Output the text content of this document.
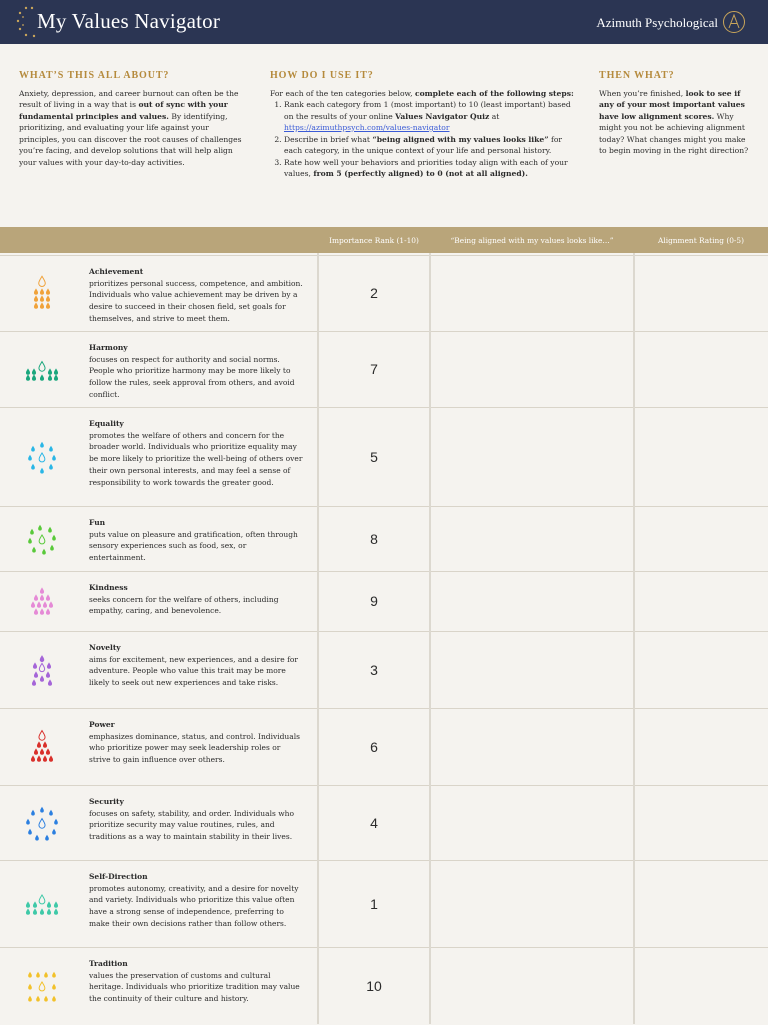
My Values Navigator	Azimuth Psychological
WHAT’S THIS ALL ABOUT?

Anxiety, depression, and career burnout can often be the result of living in a way that is out of sync with your fundamental principles and values. By identifying, prioritizing, and evaluating your life against your principles, you can discover the root causes of challenges you’re facing, and develop solutions that will help align your values with your day-to-day activities.

HOW DO I USE IT?

For each of the ten categories below, complete each of the following steps:

1. Rank each category from 1 (most important) to 10 (least important) based on the results of your online Values Navigator Quiz at
https://azimuthpsych.com/values-navigator
2. Describe in brief what “being aligned with my values looks like” for each category, in the unique context of your life and personal history.
3. Rate how well your behaviors and priorities today align with each of your values, from 5 (perfectly aligned) to 0 (not at all aligned).
THEN WHAT?

When you’re finished, look to see if any of your most important values have low alignment scores. Why might you not be achieving alignment today? What changes might you make to begin moving in the right direction?

Importance Rank (1-10)	“Being aligned with my values looks like…”	Alignment Rating (0-5)
Achievement
prioritizes personal success, competence, and ambition. Individuals who value achievement may be driven by a desire to succeed in their chosen field, set goals for themselves, and strive to meet them.
2
Harmony
focuses on respect for authority and social norms. People who prioritize harmony may be more likely to follow the rules, seek approval from others, and avoid conflict.
7
Equality
promotes the welfare of others and concern for the broader world. Individuals who prioritize equality may be more likely to prioritize the well-being of others over their own personal interests, and may feel a sense of responsibility to work towards the greater good.
5
Fun
puts value on pleasure and gratification, often through sensory experiences such as food, sex, or entertainment.
8
Kindness
seeks concern for the welfare of others, including empathy, caring, and benevolence.
9
Novelty
aims for excitement, new experiences, and a desire for adventure. People who value this trait may be more likely to seek out new experiences and take risks.
3
Power
emphasizes dominance, status, and control. Individuals who prioritize power may seek leadership roles or strive to gain influence over others.
6
Security
focuses on safety, stability, and order. Individuals who prioritize security may value routines, rules, and traditions as a way to maintain stability in their lives.
4
Self-Direction
promotes autonomy, creativity, and a desire for novelty and variety. Individuals who prioritize this value often have a strong sense of independence, preferring to make their own decisions rather than follow others.
1
Tradition
values the preservation of customs and cultural heritage. Individuals who prioritize tradition may value the continuity of their culture and history.
10
